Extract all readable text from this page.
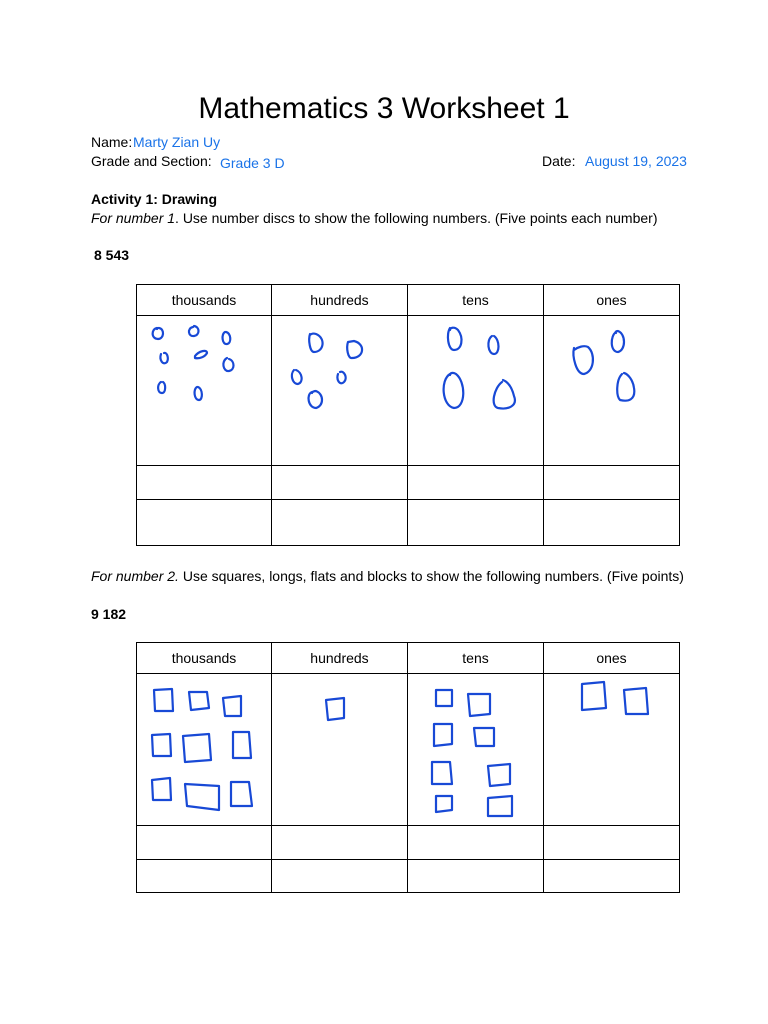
Mathematics 3 Worksheet 1
Name: Marty Zian Uy
Grade and Section: Grade 3 D	Date: August 19, 2023
Activity 1: Drawing
For number 1. Use number discs to show the following numbers. (Five points each number)
8 543
thousands	hundreds	tens	ones

For number 2. Use squares, longs, flats and blocks to show the following numbers. (Five points)
9 182
thousands	hundreds	tens	ones
